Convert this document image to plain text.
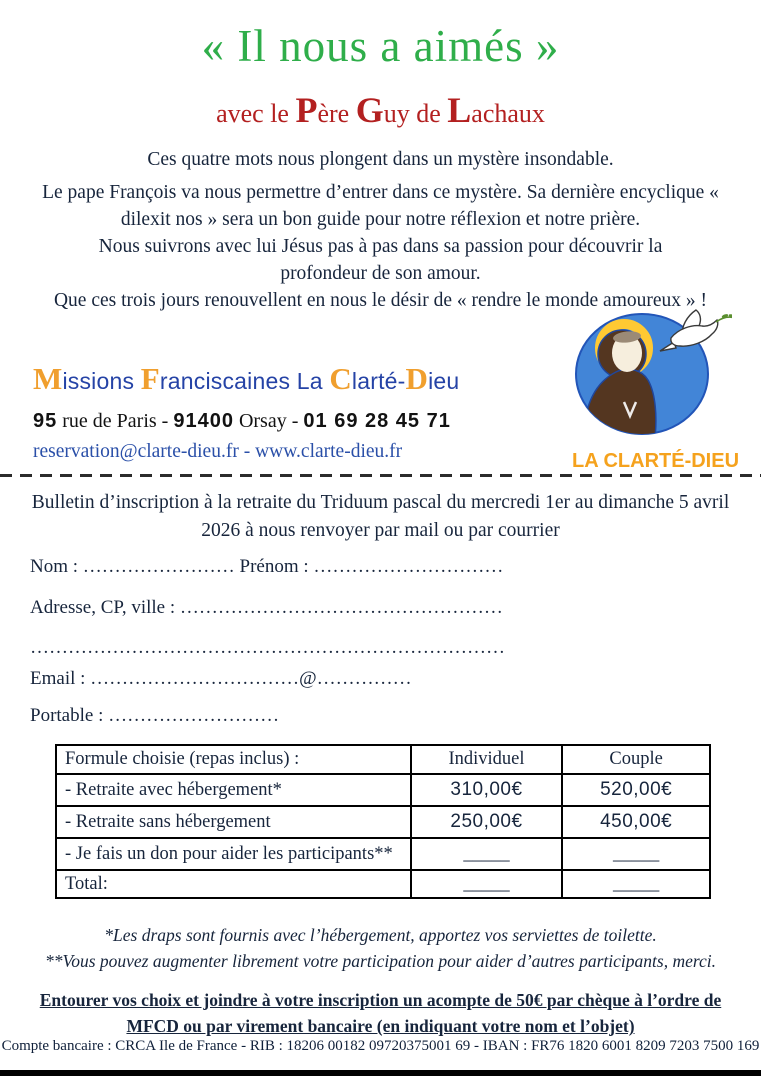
« Il nous a aimés »
avec le Père Guy de Lachaux
Ces quatre mots nous plongent dans un mystère insondable.
Le pape François va nous permettre d’entrer dans ce mystère. Sa dernière encyclique « dilexit nos » sera un bon guide pour notre réflexion et notre prière.
Nous suivrons avec lui Jésus pas à pas dans sa passion pour découvrir la profondeur de son amour.
Que ces trois jours renouvellent en nous le désir de « rendre le monde amoureux » !
Missions Franciscaines La Clarté-Dieu
95 rue de Paris - 91400 Orsay - 01 69 28 45 71
reservation@clarte-dieu.fr - www.clarte-dieu.fr	LA CLARTÉ-DIEU
Bulletin d’inscription à la retraite du Triduum pascal du mercredi 1er au dimanche 5 avril 2026 à nous renvoyer par mail ou par courrier
Nom : …………………… Prénom : …………………………
Adresse, CP, ville : ……………………………………………
…………………………………………………………………
Email : ……………………………@……………
Portable : ………………………
Formule choisie (repas inclus) :	Individuel	Couple
- Retraite avec hébergement*	310,00€	520,00€
- Retraite sans hébergement	250,00€	450,00€
- Je fais un don pour aider les participants**	_____	_____
Total:	_____	_____
*Les draps sont fournis avec l’hébergement, apportez vos serviettes de toilette.
**Vous pouvez augmenter librement votre participation pour aider d’autres participants, merci.
Entourer vos choix et joindre à votre inscription un acompte de 50€ par chèque à l’ordre de MFCD ou par virement bancaire (en indiquant votre nom et l’objet)
Compte bancaire : CRCA Ile de France - RIB : 18206 00182 09720375001 69 - IBAN : FR76 1820 6001 8209 7203 7500 169
